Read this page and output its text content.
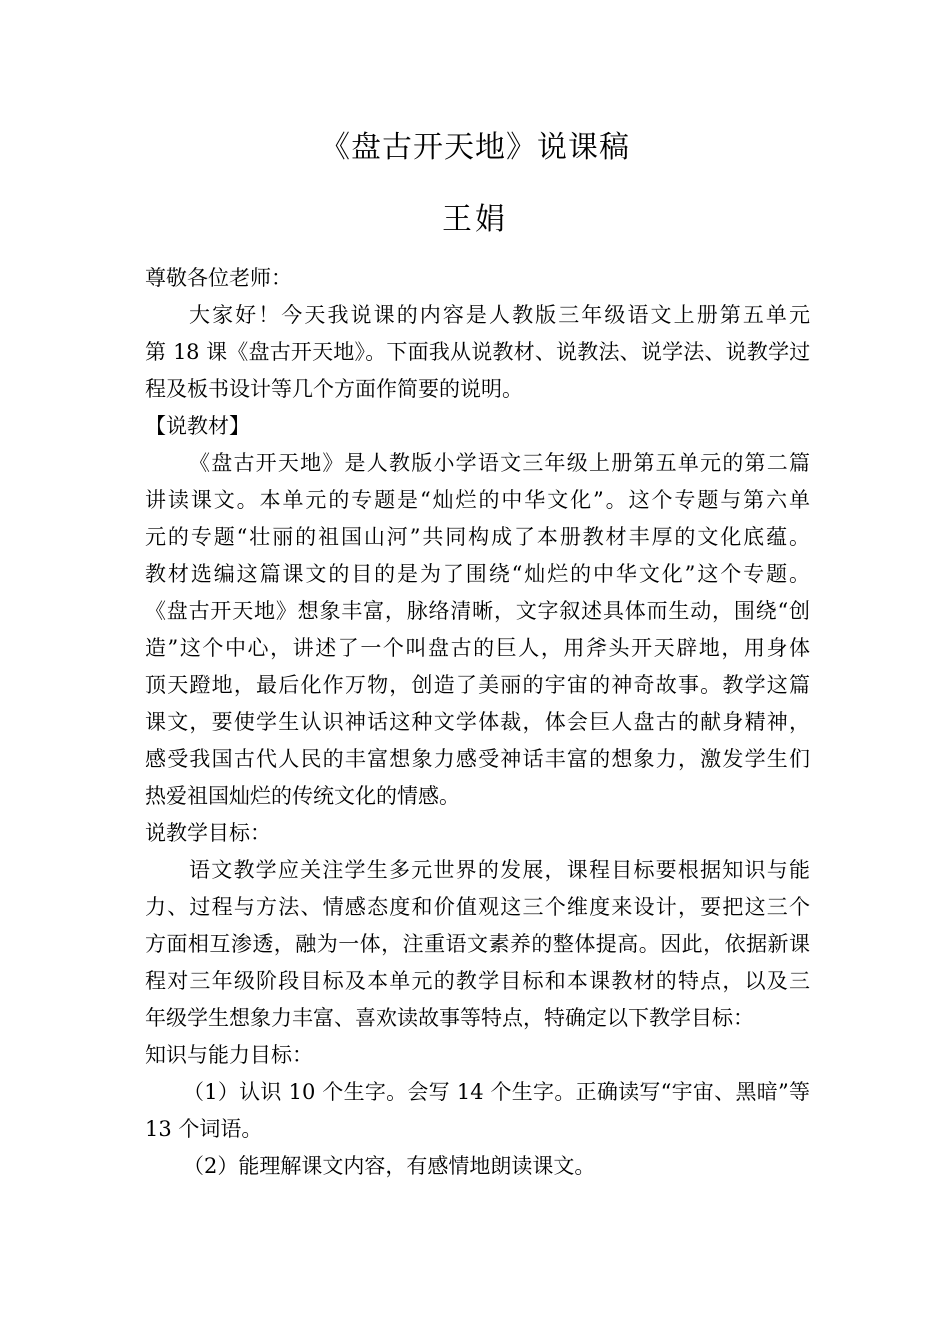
《盘古开天地》说课稿
王娟
尊敬各位老师：
大家好！今天我说课的内容是人教版三年级语文上册第五单元
第 18 课《盘古开天地》。下面我从说教材、说教法、说学法、说教学过
程及板书设计等几个方面作简要的说明。
【说教材】
《盘古开天地》是人教版小学语文三年级上册第五单元的第二篇
讲读课文。本单元的专题是“灿烂的中华文化”。这个专题与第六单
元的专题“壮丽的祖国山河”共同构成了本册教材丰厚的文化底蕴。
教材选编这篇课文的目的是为了围绕“灿烂的中华文化”这个专题。
《盘古开天地》想象丰富，脉络清晰，文字叙述具体而生动，围绕“创
造”这个中心，讲述了一个叫盘古的巨人，用斧头开天辟地，用身体
顶天蹬地，最后化作万物，创造了美丽的宇宙的神奇故事。教学这篇
课文，要使学生认识神话这种文学体裁，体会巨人盘古的献身精神，
感受我国古代人民的丰富想象力感受神话丰富的想象力，激发学生们
热爱祖国灿烂的传统文化的情感。
说教学目标：
语文教学应关注学生多元世界的发展，课程目标要根据知识与能
力、过程与方法、情感态度和价值观这三个维度来设计，要把这三个
方面相互渗透，融为一体，注重语文素养的整体提高。因此，依据新课
程对三年级阶段目标及本单元的教学目标和本课教材的特点，以及三
年级学生想象力丰富、喜欢读故事等特点，特确定以下教学目标：
知识与能力目标：
（1）认识 10 个生字。会写 14 个生字。正确读写“宇宙、黑暗”等
13 个词语。
（2）能理解课文内容，有感情地朗读课文。
